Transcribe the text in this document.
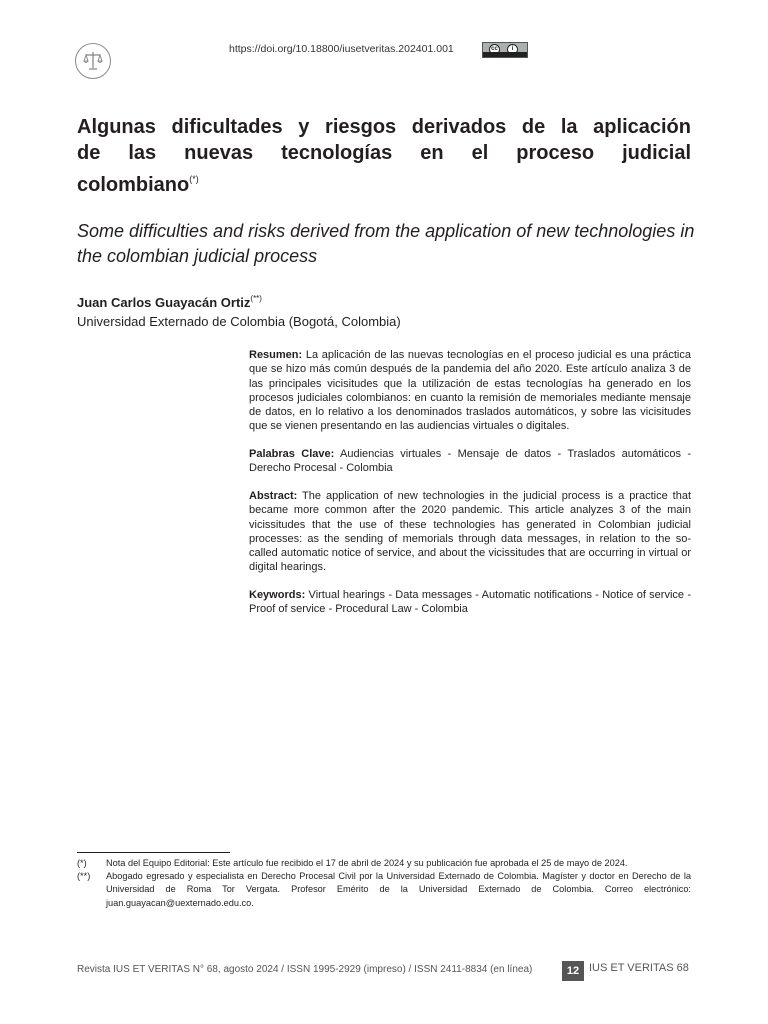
https://doi.org/10.18800/iusetveritas.202401.001	cc	i
Algunas dificultades y riesgos derivados de la aplicación
de las nuevas tecnologías en el proceso judicial
colombiano(*)

Some difficulties and risks derived from the application of new technologies in the colombian judicial process

Juan Carlos Guayacán Ortiz(**)
Universidad Externado de Colombia (Bogotá, Colombia)

Resumen: La aplicación de las nuevas tecnologías en el proceso judicial es una práctica que se hizo más común después de la pandemia del año 2020. Este artículo analiza 3 de las principales vicisitudes que la utilización de estas tecnologías ha generado en los procesos judiciales colombianos: en cuanto la remisión de memoriales mediante mensaje de datos, en lo relativo a los denominados traslados automáticos, y sobre las vicisitudes que se vienen presentando en las audiencias virtuales o digitales.

Palabras Clave: Audiencias virtuales - Mensaje de datos - Traslados automáticos - Derecho Procesal - Colombia

Abstract: The application of new technologies in the judicial process is a practice that became more common after the 2020 pandemic. This article analyzes 3 of the main vicissitudes that the use of these technologies has generated in Colombian judicial processes: as the sending of memorials through data messages, in relation to the so-called automatic notice of service, and about the vicissitudes that are occurring in virtual or digital hearings.

Keywords: Virtual hearings - Data messages - Automatic notifications - Notice of service - Proof of service - Procedural Law - Colombia

(*)	Nota del Equipo Editorial: Este artículo fue recibido el 17 de abril de 2024 y su publicación fue aprobada el 25 de mayo de 2024.
(**)	Abogado egresado y especialista en Derecho Procesal Civil por la Universidad Externado de Colombia. Magíster y doctor en Derecho de la Universidad de Roma Tor Vergata. Profesor Emérito de la Universidad Externado de Colombia. Correo electrónico: juan.guayacan@uexternado.edu.co.
Revista IUS ET VERITAS N° 68, agosto 2024 / ISSN 1995-2929 (impreso) / ISSN 2411-8834 (en línea)	12 IUS ET VERITAS 68
